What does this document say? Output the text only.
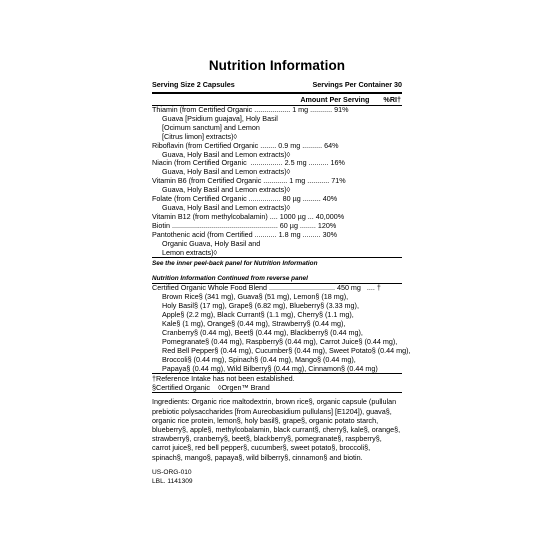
Nutrition Information
Serving Size 2 Capsules	Servings Per Container 30
Amount Per Serving %RI†
Thiamin (from Certified Organic .................. 1 mg ........... 91%
Guava [Psidium guajava], Holy Basil
[Ocimum sanctum] and Lemon
[Citrus limon] extracts)◊
Riboflavin (from Certified Organic ........ 0.9 mg .......... 64%
Guava, Holy Basil and Lemon extracts)◊
Niacin (from Certified Organic  ................ 2.5 mg .......... 16%
Guava, Holy Basil and Lemon extracts)◊
Vitamin B6 (from Certified Organic ............ 1 mg ........... 71%
Guava, Holy Basil and Lemon extracts)◊
Folate (from Certified Organic ................ 80 µg ......... 40%
Guava, Holy Basil and Lemon extracts)◊
Vitamin B12 (from methylcobalamin) .... 1000 µg ... 40,000%
Biotin ..................................................... 60 µg ........ 120%
Pantothenic acid (from Certified ........... 1.8 mg ......... 30%
Organic Guava, Holy Basil and
Lemon extracts)◊
See the inner peel-back panel for Nutrition Information
Nutrition Information Continued from reverse panel
Certified Organic Whole Food Blend ................................. 450 mg   .... †
Brown Rice§ (341 mg), Guava§ (51 mg), Lemon§ (18 mg),
Holy Basil§ (17 mg), Grape§ (6.82 mg), Blueberry§ (3.33 mg),
Apple§ (2.2 mg), Black Currant§ (1.1 mg), Cherry§ (1.1 mg),
Kale§ (1 mg), Orange§ (0.44 mg), Strawberry§ (0.44 mg),
Cranberry§ (0.44 mg), Beet§ (0.44 mg), Blackberry§ (0.44 mg),
Pomegranate§ (0.44 mg), Raspberry§ (0.44 mg), Carrot Juice§ (0.44 mg),
Red Bell Pepper§ (0.44 mg), Cucumber§ (0.44 mg), Sweet Potato§ (0.44 mg),
Broccoli§ (0.44 mg), Spinach§ (0.44 mg), Mango§ (0.44 mg),
Papaya§ (0.44 mg), Wild Bilberry§ (0.44 mg), Cinnamon§ (0.44 mg)
†Reference Intake has not been established.
§Certified Organic    ◊Orgen™ Brand
Ingredients: Organic rice maltodextrin, brown rice§, organic capsule (pullulan prebiotic polysaccharides [from Aureobasidium pullulans] [E1204]), guava§, organic rice protein, lemon§, holy basil§, grape§, organic potato starch, blueberry§, apple§, methylcobalamin, black currant§, cherry§, kale§, orange§, strawberry§, cranberry§, beet§, blackberry§, pomegranate§, raspberry§, carrot juice§, red bell pepper§, cucumber§, sweet potato§, broccoli§, spinach§, mango§, papaya§, wild bilberry§, cinnamon§ and biotin.
US-ORG-010
LBL. 1141309
